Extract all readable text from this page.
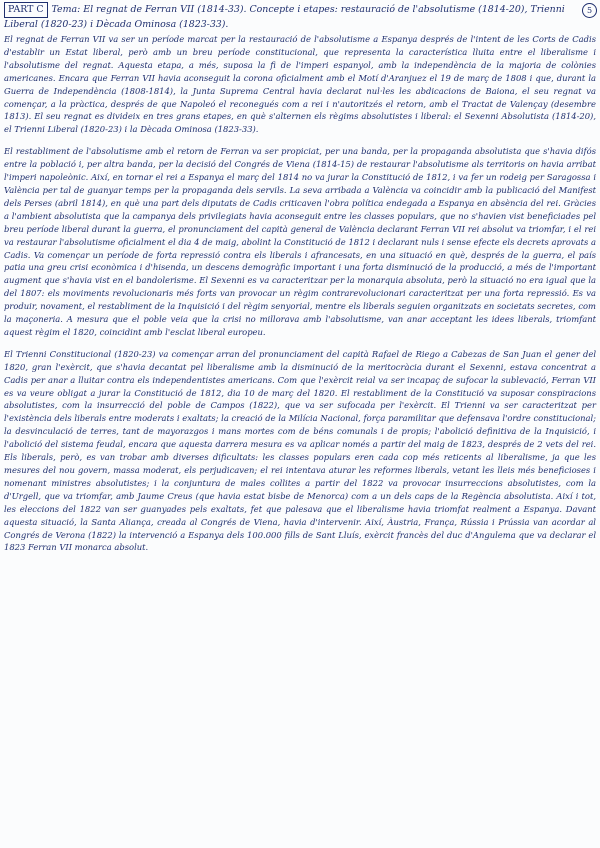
PART C Tema: El regnat de Ferran VII (1814-33). Concepte i etapes: restauració de l'absolutisme (1814-20), Trienni Liberal (1820-23) i Dècada Ominosa (1823-33).
5

El regnat de Ferran VII va ser un període marcat per la restauració de l'absolutisme a Espanya després de l'intent de les Corts de Cadis d'establir un Estat liberal, però amb un breu període constitucional, que representa la característica lluita entre el liberalisme i l'absolutisme del regnat. Aquesta etapa, a més, suposa la fi de l'imperi espanyol, amb la independència de la majoria de colònies americanes. Encara que Ferran VII havia aconseguit la corona oficialment amb el Motí d'Aranjuez el 19 de març de 1808 i que, durant la Guerra de Independència (1808-1814), la Junta Suprema Central havia declarat nul·les les abdicacions de Baiona, el seu regnat va començar, a la pràctica, després de que Napoleó el reconegués com a rei i n'autoritzés el retorn, amb el Tractat de Valençay (desembre 1813). El seu regnat es divideix en tres grans etapes, en què s'alternen els règims absolutistes i liberal: el Sexenni Absolutista (1814-20), el Trienni Liberal (1820-23) i la Dècada Ominosa (1823-33).

El restabliment de l'absolutisme amb el retorn de Ferran va ser propiciat, per una banda, per la propaganda absolutista que s'havia difós entre la població i, per altra banda, per la decisió del Congrés de Viena (1814-15) de restaurar l'absolutisme als territoris on havia arribat l'imperi napoleònic. Així, en tornar el rei a Espanya el març del 1814 no va jurar la Constitució de 1812, i va fer un rodeig per Saragossa i València per tal de guanyar temps per la propaganda dels servils. La seva arribada a València va coincidir amb la publicació del Manifest dels Perses (abril 1814), en què una part dels diputats de Cadis criticaven l'obra política endegada a Espanya en absència del rei. Gràcies a l'ambient absolutista que la campanya dels privilegiats havia aconseguit entre les classes populars, que no s'havien vist beneficiades pel breu període liberal durant la guerra, el pronunciament del capità general de València declarant Ferran VII rei absolut va triomfar, i el rei va restaurar l'absolutisme oficialment el dia 4 de maig, abolint la Constitució de 1812 i declarant nuls i sense efecte els decrets aprovats a Cadis. Va començar un període de forta repressió contra els liberals i afrancesats, en una situació en què, després de la guerra, el país patia una greu crisi econòmica i d'hisenda, un descens demogràfic important i una forta disminució de la producció, a més de l'important augment que s'havia vist en el bandolerisme. El Sexenni es va caracteritzar per la monarquia absoluta, però la situació no era igual que la del 1807: els moviments revolucionaris més forts van provocar un règim contrarevolucionari caracteritzat per una forta repressió. Es va produir, novament, el restabliment de la Inquisició i del règim senyorial, mentre els liberals seguien organitzats en societats secretes, com la maçoneria. A mesura que el poble veia que la crisi no millorava amb l'absolutisme, van anar acceptant les idees liberals, triomfant aquest règim el 1820, coincidint amb l'esclat liberal europeu.

El Trienni Constitucional (1820-23) va començar arran del pronunciament del capità Rafael de Riego a Cabezas de San Juan el gener del 1820, gran l'exèrcit, que s'havia decantat pel liberalisme amb la disminució de la meritocràcia durant el Sexenni, estava concentrat a Cadis per anar a lluitar contra els independentistes americans. Com que l'exèrcit reial va ser incapaç de sufocar la sublevació, Ferran VII es va veure obligat a jurar la Constitució de 1812, dia 10 de març del 1820. El restabliment de la Constitució va suposar conspiracions absolutistes, com la insurrecció del poble de Campos (1822), que va ser sufocada per l'exèrcit. El Trienni va ser caracteritzat per l'existència dels liberals entre moderats i exaltats; la creació de la Milícia Nacional, força paramilitar que defensava l'ordre constitucional; la desvinculació de terres, tant de mayorazgos i mans mortes com de béns comunals i de propis; l'abolició definitiva de la Inquisició, i l'abolició del sistema feudal, encara que aquesta darrera mesura es va aplicar només a partir del maig de 1823, després de 2 vets del rei. Els liberals, però, es van trobar amb diverses dificultats: les classes populars eren cada cop més reticents al liberalisme, ja que les mesures del nou govern, massa moderat, els perjudicaven; el rei intentava aturar les reformes liberals, vetant les lleis més beneficioses i nomenant ministres absolutistes; i la conjuntura de males collites a partir del 1822 va provocar insurreccions absolutistes, com la d'Urgell, que va triomfar, amb Jaume Creus (que havia estat bisbe de Menorca) com a un dels caps de la Regència absolutista. Així i tot, les eleccions del 1822 van ser guanyades pels exaltats, fet que palesava que el liberalisme havia triomfat realment a Espanya. Davant aquesta situació, la Santa Aliança, creada al Congrés de Viena, havia d'intervenir. Així, Àustria, França, Rússia i Prússia van acordar al Congrés de Verona (1822) la intervenció a Espanya dels 100.000 fills de Sant Lluís, exèrcit francès del duc d'Angulema que va declarar el 1823 Ferran VII monarca absolut.
